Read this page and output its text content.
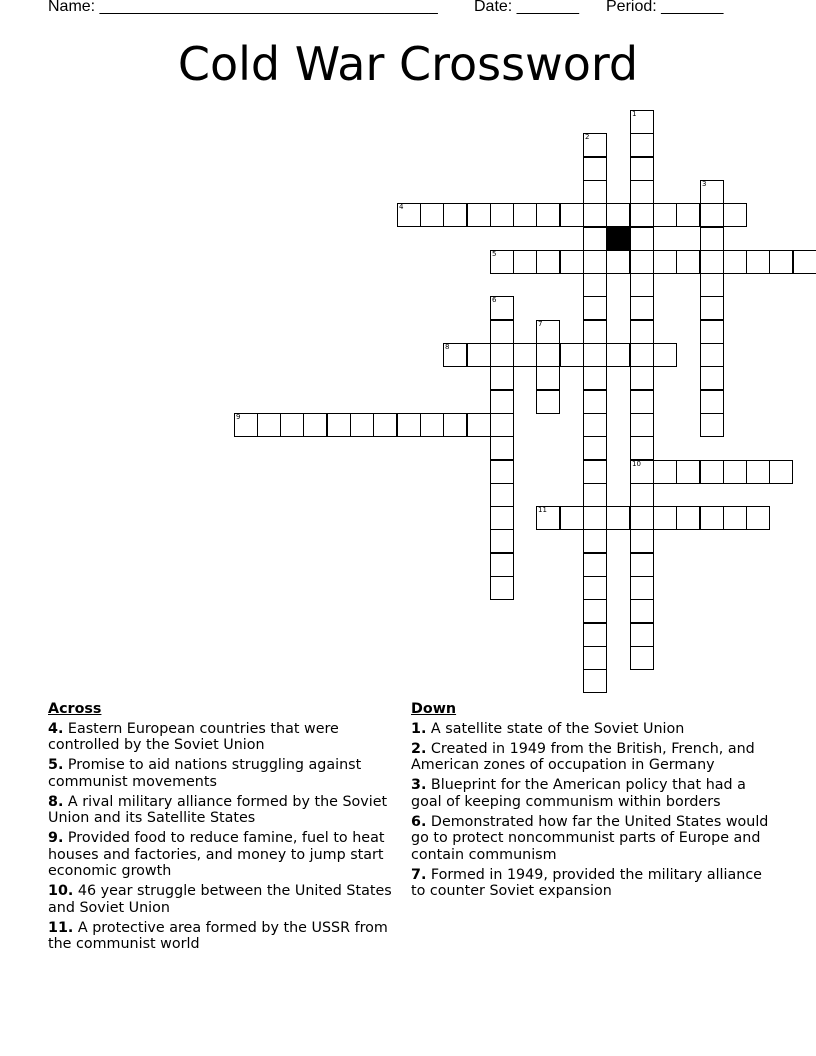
Name: ______________________________________ Date: _______ Period: _______
Cold War Crossword
1
10
2
3
4
5
6
7
8
9
11
Across
4. Eastern European countries that were controlled by the Soviet Union
5. Promise to aid nations struggling against communist movements
8. A rival military alliance formed by the Soviet Union and its Satellite States
9. Provided food to reduce famine, fuel to heat houses and factories, and money to jump start economic growth
10. 46 year struggle between the United States and Soviet Union
11. A protective area formed by the USSR from the communist world
Down
1. A satellite state of the Soviet Union
2. Created in 1949 from the British, French, and American zones of occupation in Germany
3. Blueprint for the American policy that had a goal of keeping communism within borders
6. Demonstrated how far the United States would go to protect noncommunist parts of Europe and contain communism
7. Formed in 1949, provided the military alliance to counter Soviet expansion
